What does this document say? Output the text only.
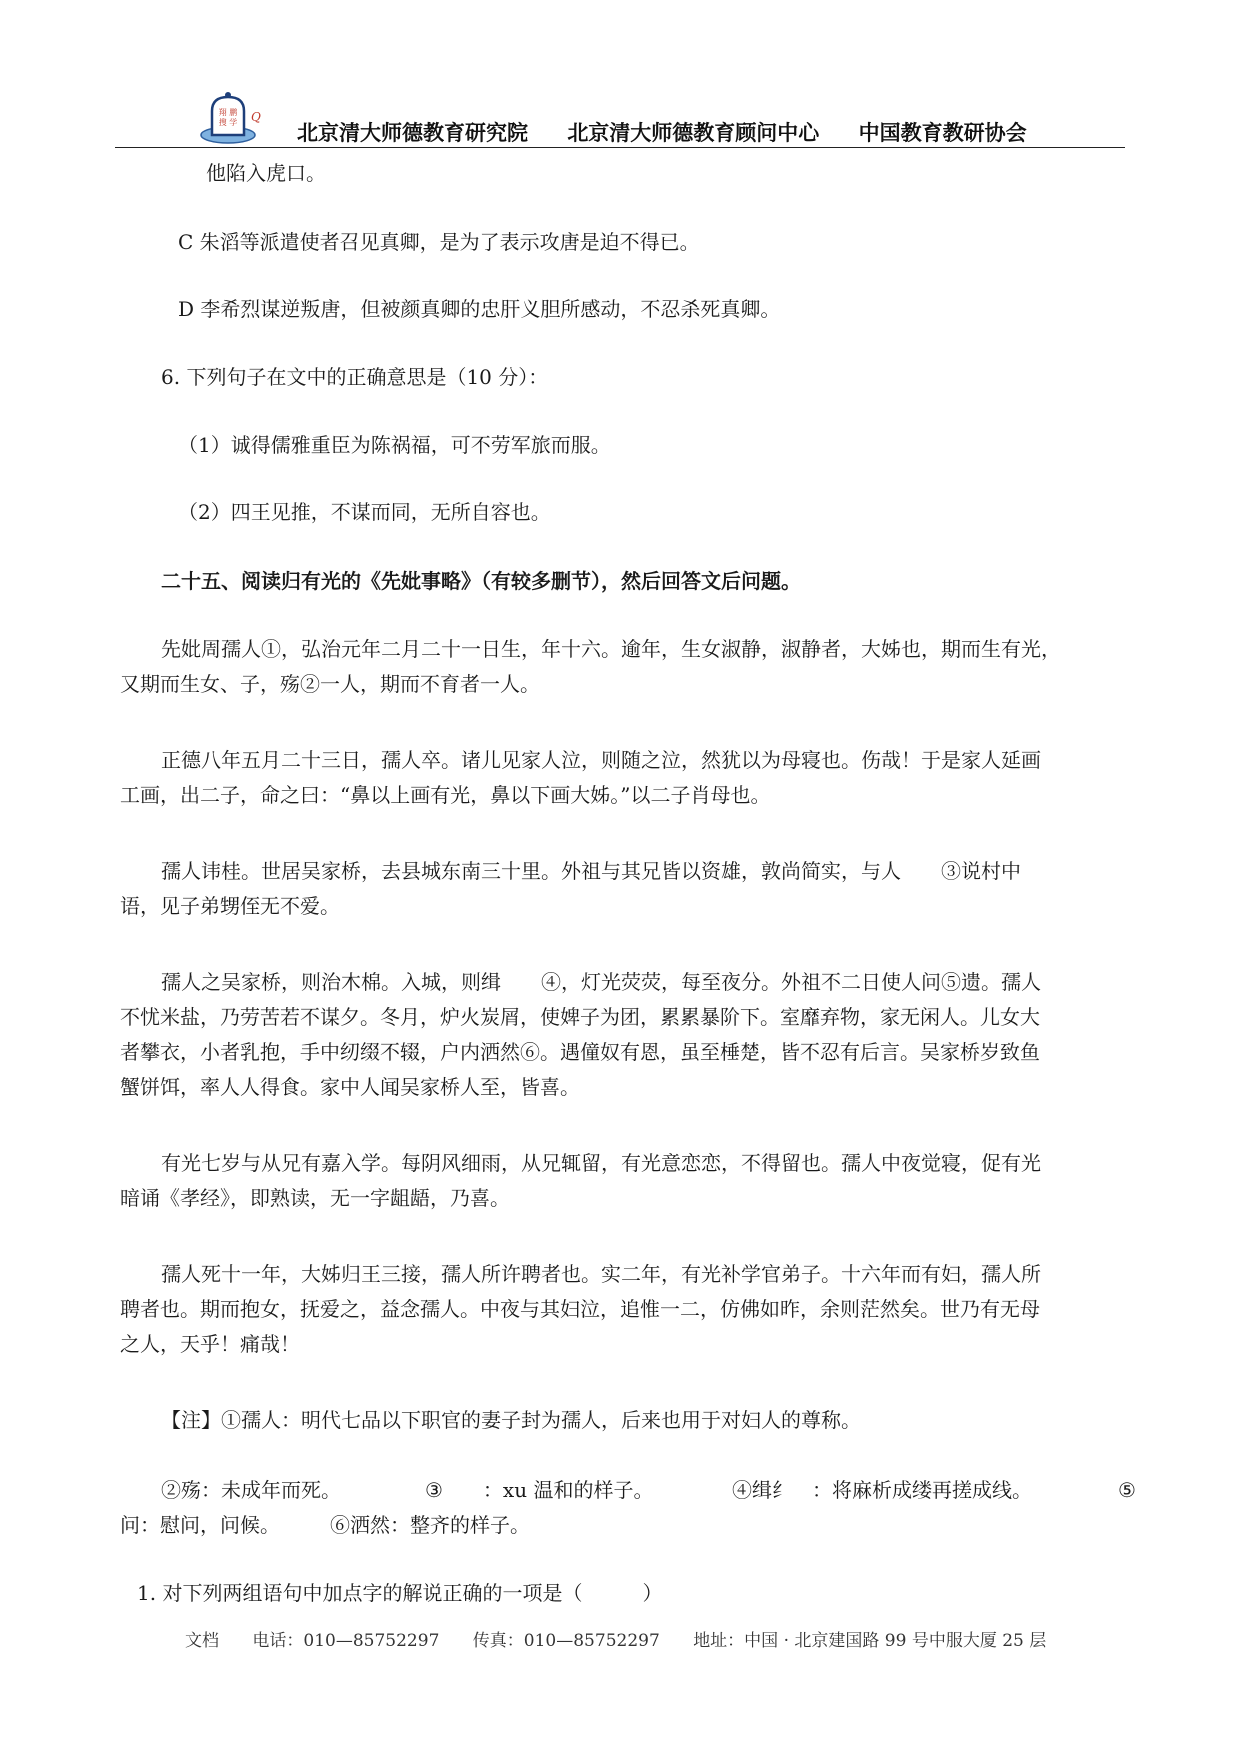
翔 鹏
搜 学 Q
北京清大师德教育研究院 北京清大师德教育顾问中心 中国教育教研协会
他陷入虎口。
C 朱滔等派遣使者召见真卿，是为了表示攻唐是迫不得已。
D 李希烈谋逆叛唐，但被颜真卿的忠肝义胆所感动，不忍杀死真卿。
6. 下列句子在文中的正确意思是（10 分）：
（1）诚得儒雅重臣为陈祸福，可不劳军旅而服。
（2）四王见推，不谋而同，无所自容也。
二十五、阅读归有光的《先妣事略》（有较多删节），然后回答文后问题。
先妣周孺人①，弘治元年二月二十一日生，年十六。逾年，生女淑静，淑静者，大姊也，期而生有光，
又期而生女、子，殇②一人，期而不育者一人。
正德八年五月二十三日，孺人卒。诸儿见家人泣，则随之泣，然犹以为母寝也。伤哉！于是家人延画
工画，出二子，命之曰：“鼻以上画有光，鼻以下画大姊。”以二子肖母也。
孺人讳桂。世居吴家桥，去县城东南三十里。外祖与其兄皆以资雄，敦尚简实，与人　　③说村中
语，见子弟甥侄无不爱。
孺人之吴家桥，则治木棉。入城，则缉　　④，灯光荧荧，每至夜分。外祖不二日使人问⑤遗。孺人
不忧米盐，乃劳苦若不谋夕。冬月，炉火炭屑，使婢子为团，累累暴阶下。室靡弃物，家无闲人。儿女大
者攀衣，小者乳抱，手中纫缀不辍，户内洒然⑥。遇僮奴有恩，虽至棰楚，皆不忍有后言。吴家桥岁致鱼
蟹饼饵，率人人得食。家中人闻吴家桥人至，皆喜。
有光七岁与从兄有嘉入学。每阴风细雨，从兄辄留，有光意恋恋，不得留也。孺人中夜觉寝，促有光
暗诵《孝经》，即熟读，无一字龃龉，乃喜。
孺人死十一年，大姊归王三接，孺人所许聘者也。实二年，有光补学官弟子。十六年而有妇，孺人所
聘者也。期而抱女，抚爱之，益念孺人。中夜与其妇泣，追惟一二，仿佛如昨，余则茫然矣。世乃有无母
之人，天乎！痛哉！
【注】①孺人：明代七品以下职官的妻子封为孺人，后来也用于对妇人的尊称。
②殇：未成年而死。	③　　：xu 温和的样子。	④缉纟　：将麻析成缕再搓成线。	⑤
问：慰问，问候。　　　⑥洒然：整齐的样子。
1. 对下列两组语句中加点字的解说正确的一项是（　　　）
文档 电话：010—85752297 传真：010—85752297 地址：中国 · 北京建国路 99 号中服大厦 25 层
